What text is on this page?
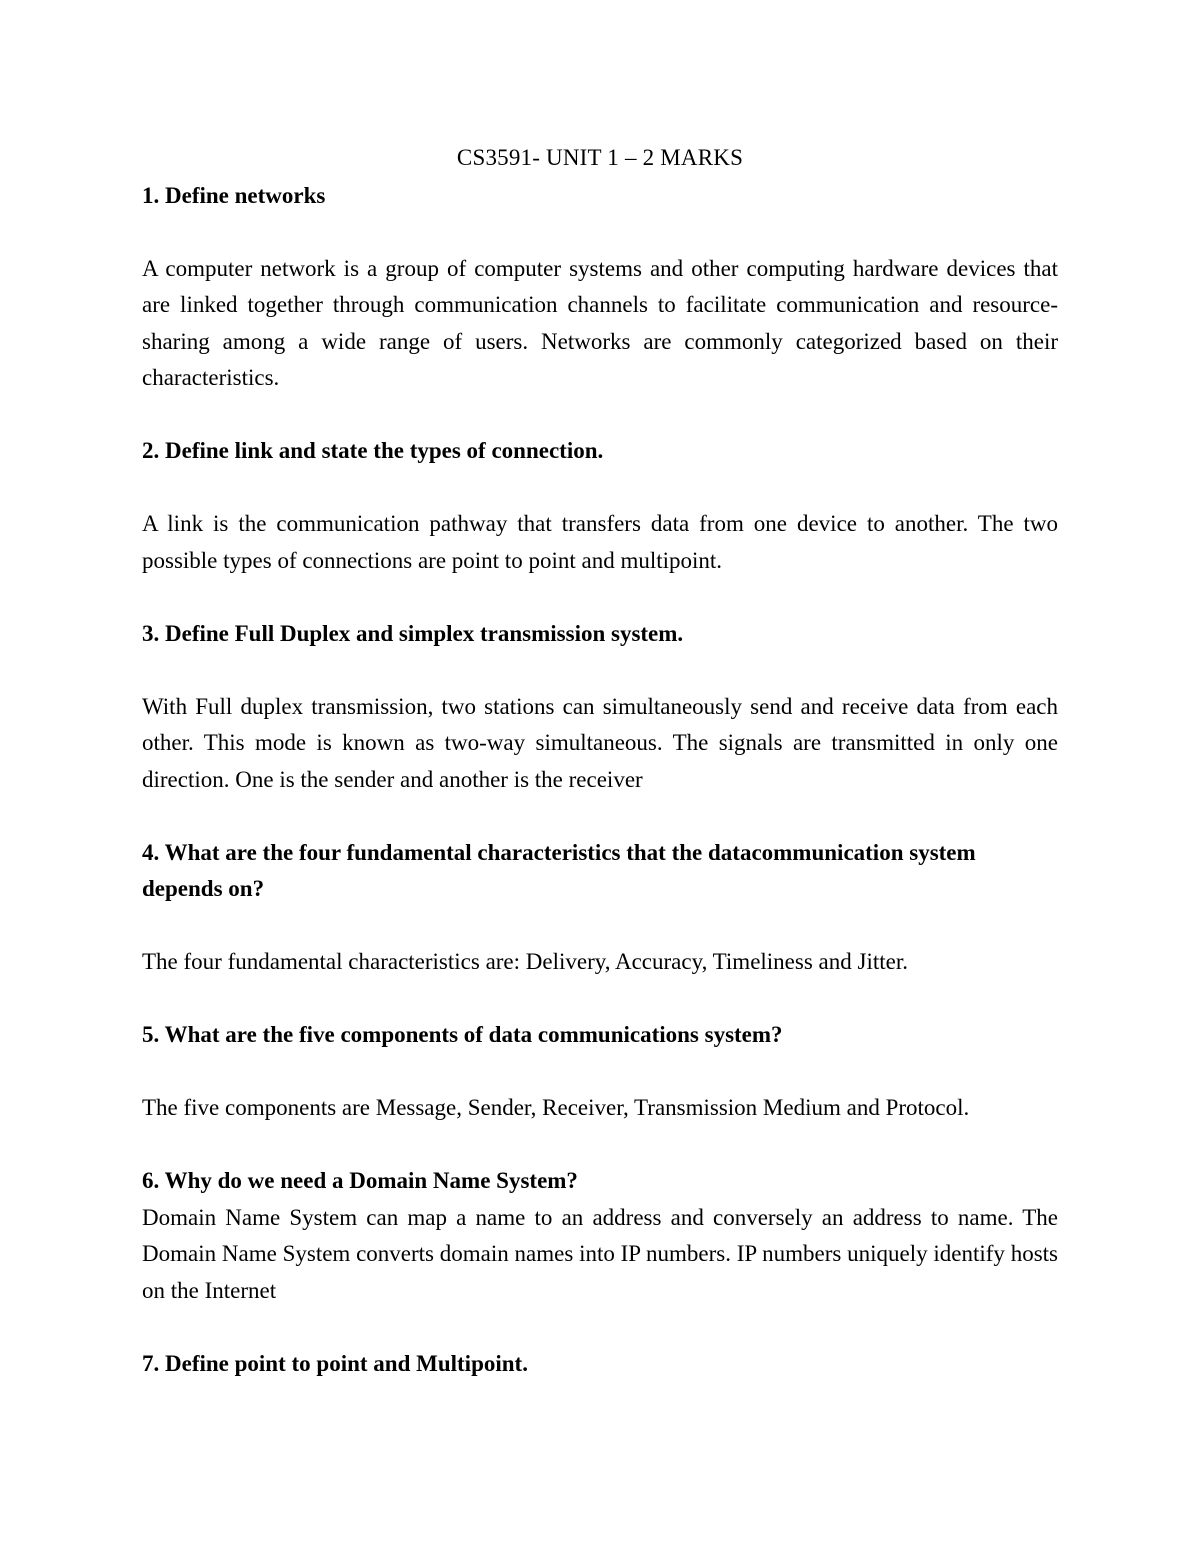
CS3591- UNIT 1 – 2 MARKS

1. Define networks

A computer network is a group of computer systems and other computing hardware devices that are linked together through communication channels to facilitate communication and resource-sharing among a wide range of users. Networks are commonly categorized based on their characteristics.

2. Define link and state the types of connection.

A link is the communication pathway that transfers data from one device to another. The two possible types of connections are point to point and multipoint.

3. Define Full Duplex and simplex transmission system.

With Full duplex transmission, two stations can simultaneously send and receive data from each other. This mode is known as two-way simultaneous. The signals are transmitted in only one direction. One is the sender and another is the receiver

4. What are the four fundamental characteristics that the datacommunication system depends on?

The four fundamental characteristics are: Delivery, Accuracy, Timeliness and Jitter.

5. What are the five components of data communications system?

The five components are Message, Sender, Receiver, Transmission Medium and Protocol.

6. Why do we need a Domain Name System?

Domain Name System can map a name to an address and conversely an address to name. The Domain Name System converts domain names into IP numbers. IP numbers uniquely identify hosts on the Internet

7. Define point to point and Multipoint.
